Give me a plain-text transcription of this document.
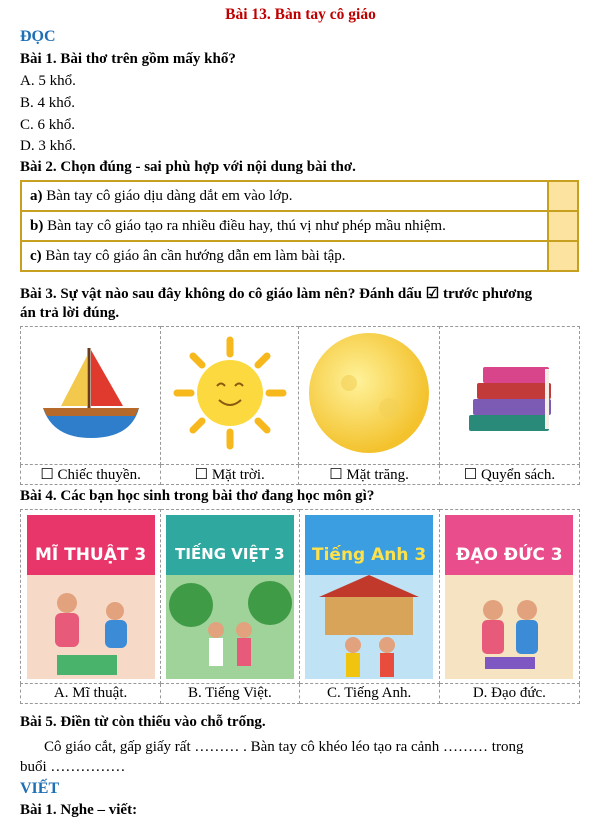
Bài 13. Bàn tay cô giáo
ĐỌC
Bài 1. Bài thơ trên gồm mấy khổ?
A. 5 khổ.
B. 4 khổ.
C. 6 khổ.
D. 3 khổ.
Bài 2. Chọn đúng - sai phù hợp với nội dung bài thơ.
a) Bàn tay cô giáo dịu dàng dắt em vào lớp.	
b) Bàn tay cô giáo tạo ra nhiều điều hay, thú vị như phép mầu nhiệm.	
c) Bàn tay cô giáo ân cần hướng dẫn em làm bài tập.	
Bài 3. Sự vật nào sau đây không do cô giáo làm nên? Đánh dấu ☑ trước phương
án trả lời đúng.

☐ Chiếc thuyền.	☐ Mặt trời.	☐ Mặt trăng.	☐ Quyển sách.
Bài 4. Các bạn học sinh trong bài thơ đang học môn gì?
MĨ THUẬT 3	TIẾNG VIỆT 3	Tiếng Anh 3	ĐẠO ĐỨC 3

A. Mĩ thuật.	B. Tiếng Việt.	C. Tiếng Anh.	D. Đạo đức.
Bài 5. Điền từ còn thiếu vào chỗ trống.
Cô giáo cắt, gấp giấy rất ……… . Bàn tay cô khéo léo tạo ra cảnh ……… trong
buổi ……………
VIẾT
Bài 1. Nghe – viết:
